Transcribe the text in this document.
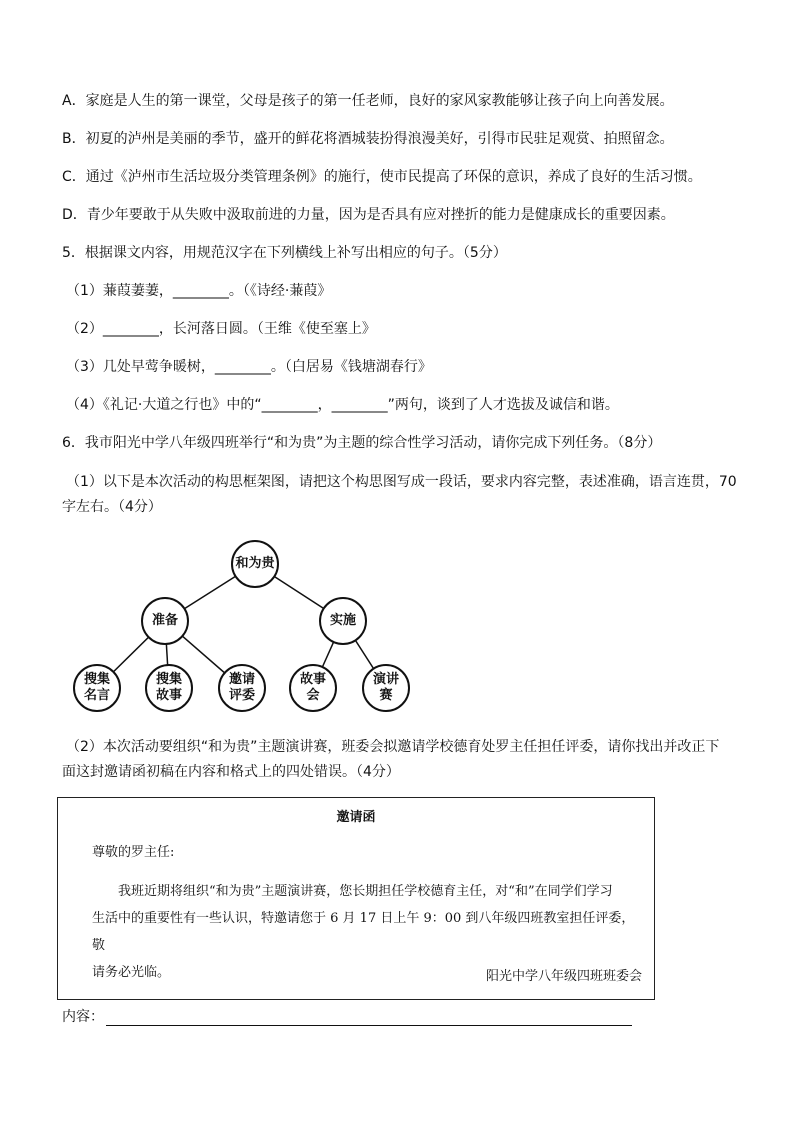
A．家庭是人生的第一课堂，父母是孩子的第一任老师，良好的家风家教能够让孩子向上向善发展。
B．初夏的泸州是美丽的季节，盛开的鲜花将酒城装扮得浪漫美好，引得市民驻足观赏、拍照留念。
C．通过《泸州市生活垃圾分类管理条例》的施行，使市民提高了环保的意识，养成了良好的生活习惯。
D．青少年要敢于从失败中汲取前进的力量，因为是否具有应对挫折的能力是健康成长的重要因素。
5．根据课文内容，用规范汉字在下列横线上补写出相应的句子。（5分）
（1）蒹葭萋萋，________。（《诗经·蒹葭》
（2）________，长河落日圆。（王维《使至塞上》
（3）几处早莺争暖树，________。（白居易《钱塘湖春行》
（4）《礼记·大道之行也》中的“________，________”两句，谈到了人才选拔及诚信和谐。
6．我市阳光中学八年级四班举行“和为贵”为主题的综合性学习活动，请你完成下列任务。（8分）
（1）以下是本次活动的构思框架图，请把这个构思图写成一段话，要求内容完整，表述准确，语言连贯，70
字左右。（4分）
和为贵
准备	实施
搜集
名言
搜集
故事
邀请
评委
故事
会
演讲
赛
（2）本次活动要组织“和为贵”主题演讲赛，班委会拟邀请学校德育处罗主任担任评委，请你找出并改正下
面这封邀请函初稿在内容和格式上的四处错误。（4分）
邀请函
尊敬的罗主任:
我班近期将组织“和为贵”主题演讲赛，您长期担任学校德育主任，对“和”在同学们学习
生活中的重要性有一些认识，特邀请您于 6 月 17 日上午 9：00 到八年级四班教室担任评委，敬
请务必光临。	阳光中学八年级四班班委会
内容：
